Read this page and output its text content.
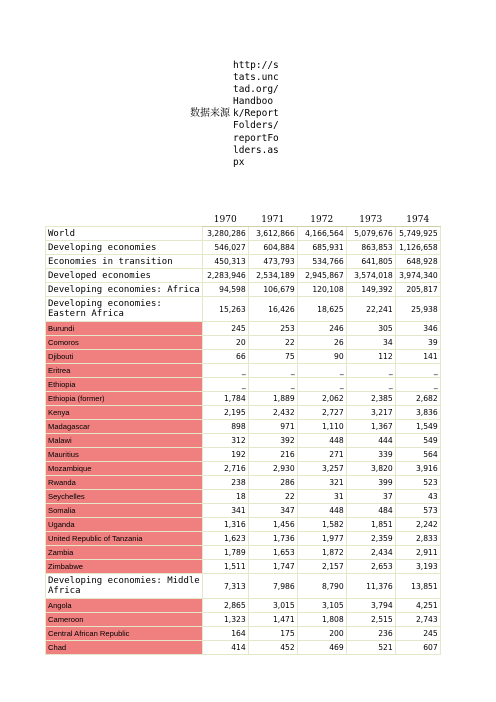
数据来源
http://stats.unctad.org/Handbook/ReportFolders/reportFolders.aspx
	1970	1971	1972	1973	1974
World	3,280,286	3,612,866	4,166,564	5,079,676	5,749,925
Developing economies	546,027	604,884	685,931	863,853	1,126,658
Economies in transition	450,313	473,793	534,766	641,805	648,928
Developed economies	2,283,946	2,534,189	2,945,867	3,574,018	3,974,340
Developing economies: Africa	94,598	106,679	120,108	149,392	205,817
Developing economies: Eastern Africa	15,263	16,426	18,625	22,241	25,938
Burundi	245	253	246	305	346
Comoros	20	22	26	34	39
Djibouti	66	75	90	112	141
Eritrea	_	_	_	_	_
Ethiopia	_	_	_	_	_
Ethiopia (former)	1,784	1,889	2,062	2,385	2,682
Kenya	2,195	2,432	2,727	3,217	3,836
Madagascar	898	971	1,110	1,367	1,549
Malawi	312	392	448	444	549
Mauritius	192	216	271	339	564
Mozambique	2,716	2,930	3,257	3,820	3,916
Rwanda	238	286	321	399	523
Seychelles	18	22	31	37	43
Somalia	341	347	448	484	573
Uganda	1,316	1,456	1,582	1,851	2,242
United Republic of Tanzania	1,623	1,736	1,977	2,359	2,833
Zambia	1,789	1,653	1,872	2,434	2,911
Zimbabwe	1,511	1,747	2,157	2,653	3,193
Developing economies: Middle Africa	7,313	7,986	8,790	11,376	13,851
Angola	2,865	3,015	3,105	3,794	4,251
Cameroon	1,323	1,471	1,808	2,515	2,743
Central African Republic	164	175	200	236	245
Chad	414	452	469	521	607
